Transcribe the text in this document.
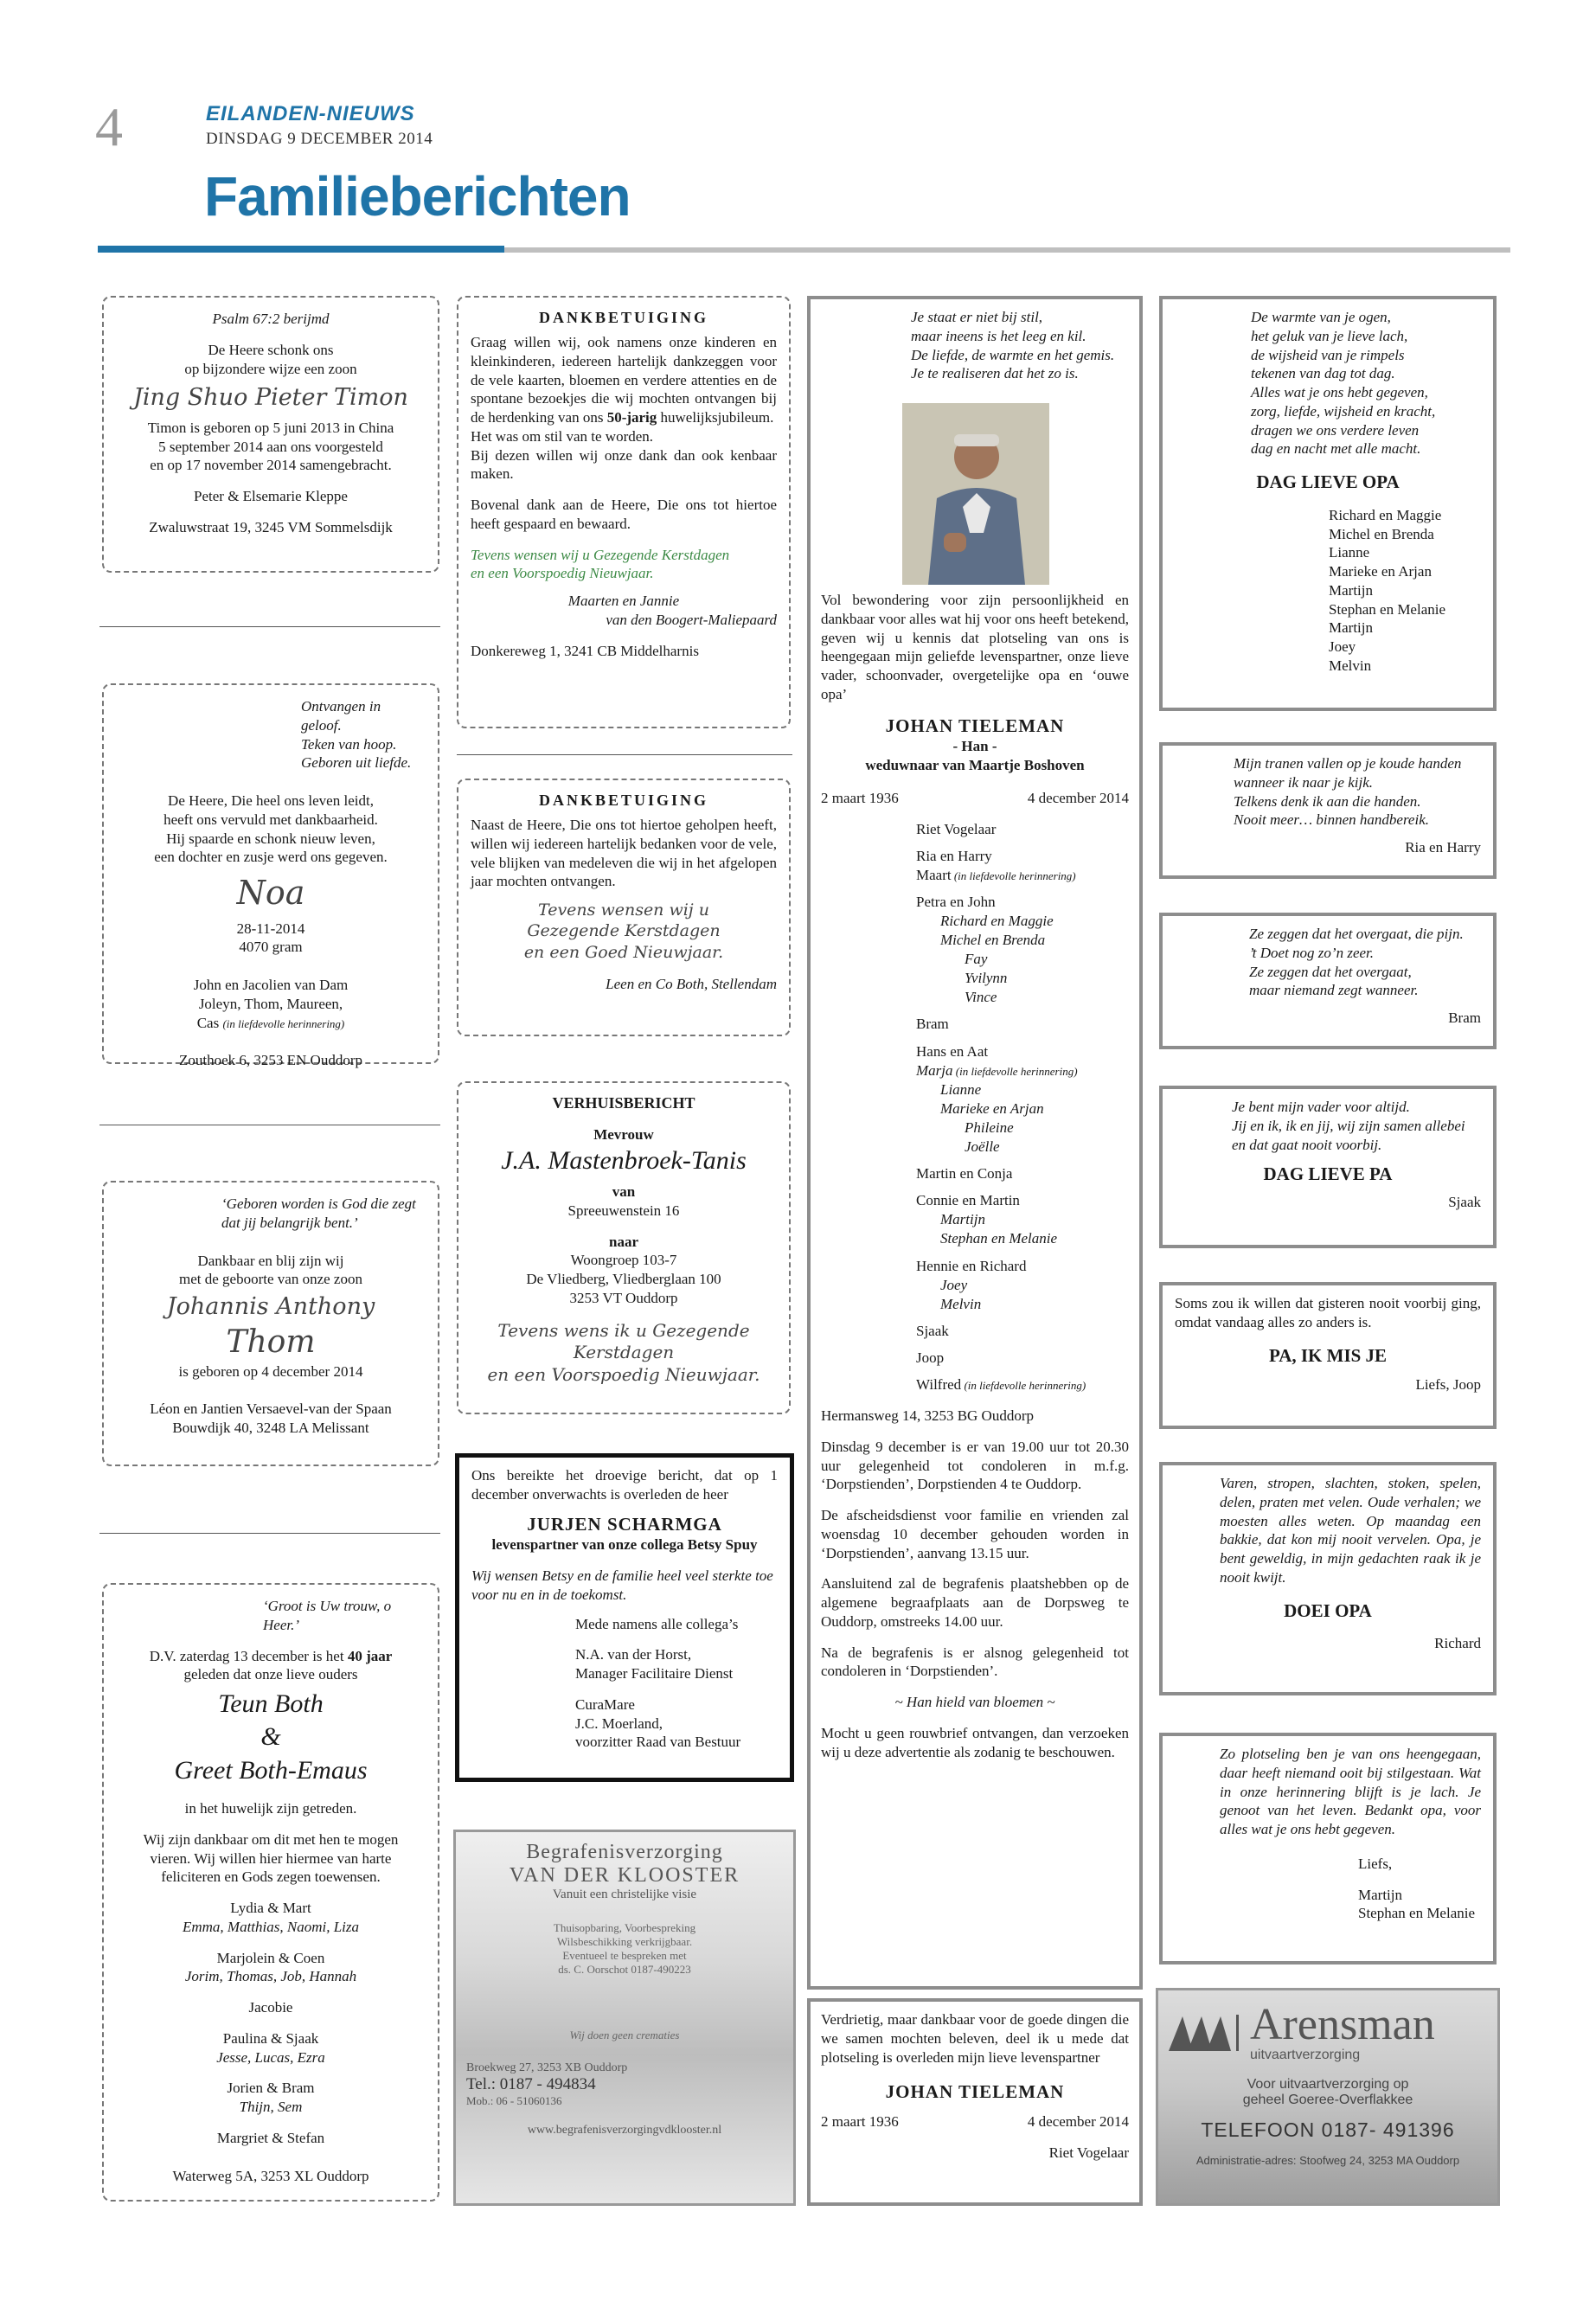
4	EILANDEN-NIEUWS
DINSDAG 9 DECEMBER 2014
Familieberichten

Psalm 67:2 berijmd

De Heere schonk ons

op bijzondere wijze een zoon

Jing Shuo Pieter Timon

Timon is geboren op 5 juni 2013 in China

5 september 2014 aan ons voorgesteld

en op 17 november 2014 samengebracht.

Peter & Elsemarie Kleppe

Zwaluwstraat 19, 3245 VM Sommelsdijk

Ontvangen in geloof.

Teken van hoop.

Geboren uit liefde.

De Heere, Die heel ons leven leidt,

heeft ons vervuld met dankbaarheid.

Hij spaarde en schonk nieuw leven,

een dochter en zusje werd ons gegeven.

Noa

28-11-2014

4070 gram

John en Jacolien van Dam

Joleyn, Thom, Maureen,

Cas (in liefdevolle herinnering)

Zouthoek 6, 3253 EN Ouddorp

‘Geboren worden is God die zegt

dat jij belangrijk bent.’

Dankbaar en blij zijn wij

met de geboorte van onze zoon

Johannis Anthony

Thom

is geboren op 4 december 2014

Léon en Jantien Versaevel-van der Spaan

Bouwdijk 40, 3248 LA Melissant

‘Groot is Uw trouw, o Heer.’

D.V. zaterdag 13 december is het 40 jaar

geleden dat onze lieve ouders

Teun Both

&

Greet Both-Emaus

in het huwelijk zijn getreden.

Wij zijn dankbaar om dit met hen te mogen

vieren. Wij willen hier hiermee van harte

feliciteren en Gods zegen toewensen.

Lydia & Mart

Emma, Matthias, Naomi, Liza

Marjolein & Coen

Jorim, Thomas, Job, Hannah

Jacobie

Paulina & Sjaak

Jesse, Lucas, Ezra

Jorien & Bram

Thijn, Sem

Margriet & Stefan

Waterweg 5A, 3253 XL Ouddorp

DANKBETUIGING

Graag willen wij, ook namens onze kinderen en kleinkinderen, iedereen hartelijk dankzeggen voor de vele kaarten, bloemen en verdere attenties en de spontane bezoekjes die wij mochten ontvangen bij de herdenking van ons 50-jarig huwelijksjubileum.

Het was om stil van te worden.

Bij dezen willen wij onze dank dan ook kenbaar maken.

Bovenal dank aan de Heere, Die ons tot hiertoe heeft gespaard en bewaard.

Tevens wensen wij u Gezegende Kerstdagen

en een Voorspoedig Nieuwjaar.

Maarten en Jannie

van den Boogert-Maliepaard

Donkereweg 1, 3241 CB Middelharnis

DANKBETUIGING

Naast de Heere, Die ons tot hiertoe geholpen heeft, willen wij iedereen hartelijk bedanken voor de vele, vele blijken van medeleven die wij in het afgelopen jaar mochten ontvangen.

Tevens wensen wij u

Gezegende Kerstdagen

en een Goed Nieuwjaar.

Leen en Co Both, Stellendam

VERHUISBERICHT

Mevrouw

J.A. Mastenbroek-Tanis

van

Spreeuwenstein 16

naar

Woongroep 103-7

De Vliedberg, Vliedberglaan 100

3253 VT Ouddorp

Tevens wens ik u Gezegende Kerstdagen

en een Voorspoedig Nieuwjaar.

Ons bereikte het droevige bericht, dat op 1 december onverwachts is overleden de heer

JURJEN SCHARMGA

levenspartner van onze collega Betsy Spuy

Wij wensen Betsy en de familie heel veel sterkte toe voor nu en in de toekomst.

Mede namens alle collega’s

N.A. van der Horst,

Manager Facilitaire Dienst

CuraMare

J.C. Moerland,

voorzitter Raad van Bestuur

Begrafenisverzorging

VAN DER KLOOSTER

Vanuit een christelijke visie

Thuisopbaring, Voorbespreking

Wilsbeschikking verkrijgbaar.

Eventueel te bespreken met

ds. C. Oorschot 0187-490223

Wij doen geen crematies

Broekweg 27, 3253 XB Ouddorp

Tel.: 0187 - 494834

Mob.: 06 - 51060136

www.begrafenisverzorgingvdklooster.nl

Je staat er niet bij stil,

maar ineens is het leeg en kil.

De liefde, de warmte en het gemis.

Je te realiseren dat het zo is.

Vol bewondering voor zijn persoonlijkheid en dankbaar voor alles wat hij voor ons heeft betekend, geven wij u kennis dat plotseling van ons is heengegaan mijn geliefde levenspartner, onze lieve vader, schoonvader, overgetelijke opa en ‘ouwe opa’

JOHAN TIELEMAN

- Han -

weduwnaar van Maartje Boshoven

2 maart 1936	4 december 2014

Riet Vogelaar

Ria en Harry

Maart (in liefdevolle herinnering)

Petra en John

Richard en Maggie

Michel en Brenda

Fay

Yvilynn

Vince

Bram

Hans en Aat

Marja (in liefdevolle herinnering)

Lianne

Marieke en Arjan

Phileine

Joëlle

Martin en Conja

Connie en Martin

Martijn

Stephan en Melanie

Hennie en Richard

Joey

Melvin

Sjaak

Joop

Wilfred (in liefdevolle herinnering)

Hermansweg 14, 3253 BG Ouddorp

Dinsdag 9 december is er van 19.00 uur tot 20.30 uur gelegenheid tot condoleren in m.f.g. ‘Dorpstienden’, Dorpstienden 4 te Ouddorp.

De afscheidsdienst voor familie en vrienden zal woensdag 10 december gehouden worden in ‘Dorpstienden’, aanvang 13.15 uur.

Aansluitend zal de begrafenis plaatshebben op de algemene begraafplaats aan de Dorpsweg te Ouddorp, omstreeks 14.00 uur.

Na de begrafenis is er alsnog gelegenheid tot condoleren in ‘Dorpstienden’.

~ Han hield van bloemen ~

Mocht u geen rouwbrief ontvangen, dan verzoeken wij u deze advertentie als zodanig te beschouwen.

Verdrietig, maar dankbaar voor de goede dingen die we samen mochten beleven, deel ik u mede dat plotseling is overleden mijn lieve levenspartner

JOHAN TIELEMAN

2 maart 1936	4 december 2014

Riet Vogelaar

De warmte van je ogen,

het geluk van je lieve lach,

de wijsheid van je rimpels

tekenen van dag tot dag.

Alles wat je ons hebt gegeven,

zorg, liefde, wijsheid en kracht,

dragen we ons verdere leven

dag en nacht met alle macht.

DAG LIEVE OPA

Richard en Maggie

Michel en Brenda

Lianne

Marieke en Arjan

Martijn

Stephan en Melanie

Martijn

Joey

Melvin

Mijn tranen vallen op je koude handen

wanneer ik naar je kijk.

Telkens denk ik aan die handen.

Nooit meer… binnen handbereik.

Ria en Harry

Ze zeggen dat het overgaat, die pijn.

’t Doet nog zo’n zeer.

Ze zeggen dat het overgaat,

maar niemand zegt wanneer.

Bram

Je bent mijn vader voor altijd.

Jij en ik, ik en jij, wij zijn samen allebei

en dat gaat nooit voorbij.

DAG LIEVE PA

Sjaak

Soms zou ik willen dat gisteren nooit voorbij ging, omdat vandaag alles zo anders is.

PA, IK MIS JE

Liefs, Joop

Varen, stropen, slachten, stoken, spelen, delen, praten met velen. Oude verhalen; we moesten alles weten. Op maandag een bakkie, dat kon mij nooit vervelen. Opa, je bent geweldig, in mijn gedachten raak ik je nooit kwijt.

DOEI OPA

Richard

Zo plotseling ben je van ons heengegaan, daar heeft niemand ooit bij stilgestaan. Wat in onze herinnering blijft is je lach. Je genoot van het leven. Bedankt opa, voor alles wat je ons hebt gegeven.

Liefs,

Martijn

Stephan en Melanie

Arensman

uitvaartverzorging

Voor uitvaartverzorging op

geheel Goeree-Overflakkee

TELEFOON 0187- 491396

Administratie-adres: Stoofweg 24, 3253 MA Ouddorp
